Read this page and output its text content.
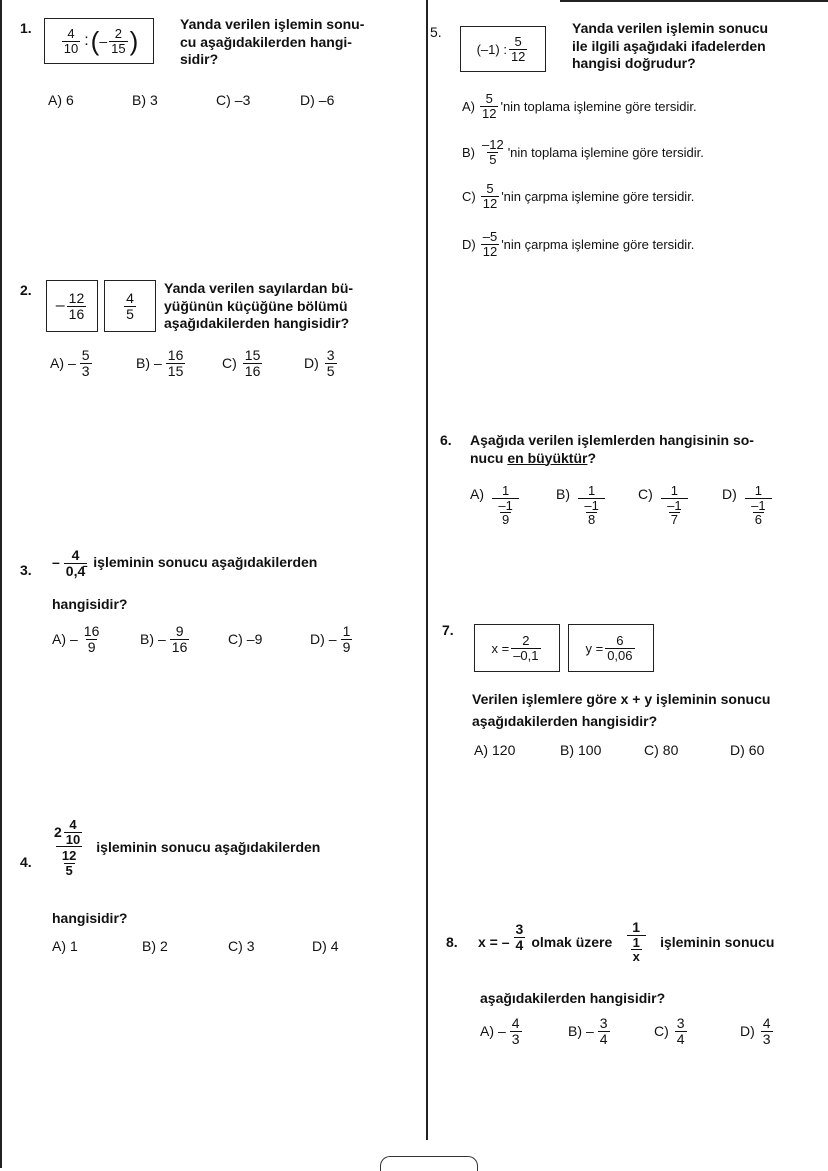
1. $\frac{4}{10}$ : ( – $\frac{2}{15}$ )
Yanda verilen işlemin sonu-
cu aşağıdakilerden hangi-
sidir?
A) 6	B) 3	C) –3	D) –6
2.
– $\frac{12}{16}$	$\frac{4}{5}$
Yanda verilen sayılardan bü-
yüğünün küçüğüne bölümü
aşağıdakilerden hangisidir?
$A) - \frac{5}{3}$	$B) - \frac{16}{15}$	$C) \frac{15}{16}$	$D) \frac{3}{5}$
3. – $\frac{4}{0,4̄}$ işleminin sonucu aşağıdakilerden
hangisidir?
$A) - \frac{16}{9}$	$B) - \frac{9}{16}$	C) –9	$D) - \frac{1}{9}$
4. $\frac{2 \frac{4}{10}}{\frac{12}{5}}$ işleminin sonucu aşağıdakilerden
hangisidir?
A) 1	B) 2	C) 3	D) 4
5.
(–1) : $\frac{5}{12}$
Yanda verilen işlemin sonucu
ile ilgili aşağıdaki ifadelerden
hangisi doğrudur?
$A) \frac{5}{12}$ 'nin toplama işlemine göre tersidir.
$B) \frac{-12}{5}$ 'nin toplama işlemine göre tersidir.
$C) \frac{5}{12}$ 'nin çarpma işlemine göre tersidir.
$D) \frac{-5}{12}$ 'nin çarpma işlemine göre tersidir.
6. Aşağıda verilen işlemlerden hangisinin so-
nucu en büyüktür?
$A) \frac{1}{\frac{-1}{9}} B) \frac{1}{\frac{-1}{8}} C) \frac{1}{\frac{-1}{7}} D) \frac{1}{\frac{-1}{6}}$
7.
$x = \frac{2}{-0,1}$	$y = \frac{6}{0,06}$
Verilen işlemlere göre x + y işleminin sonucu
aşağıdakilerden hangisidir?
A) 120	B) 100	C) 80	D) 60
8. x = – $\frac{3}{4}$ olmak üzere $\frac{1}{\frac{1}{x}}$ işleminin sonucu
aşağıdakilerden hangisidir?
$A) - \frac{4}{3}$	$B) - \frac{3}{4}$	$C) \frac{3}{4}$	$D) \frac{4}{3}$
